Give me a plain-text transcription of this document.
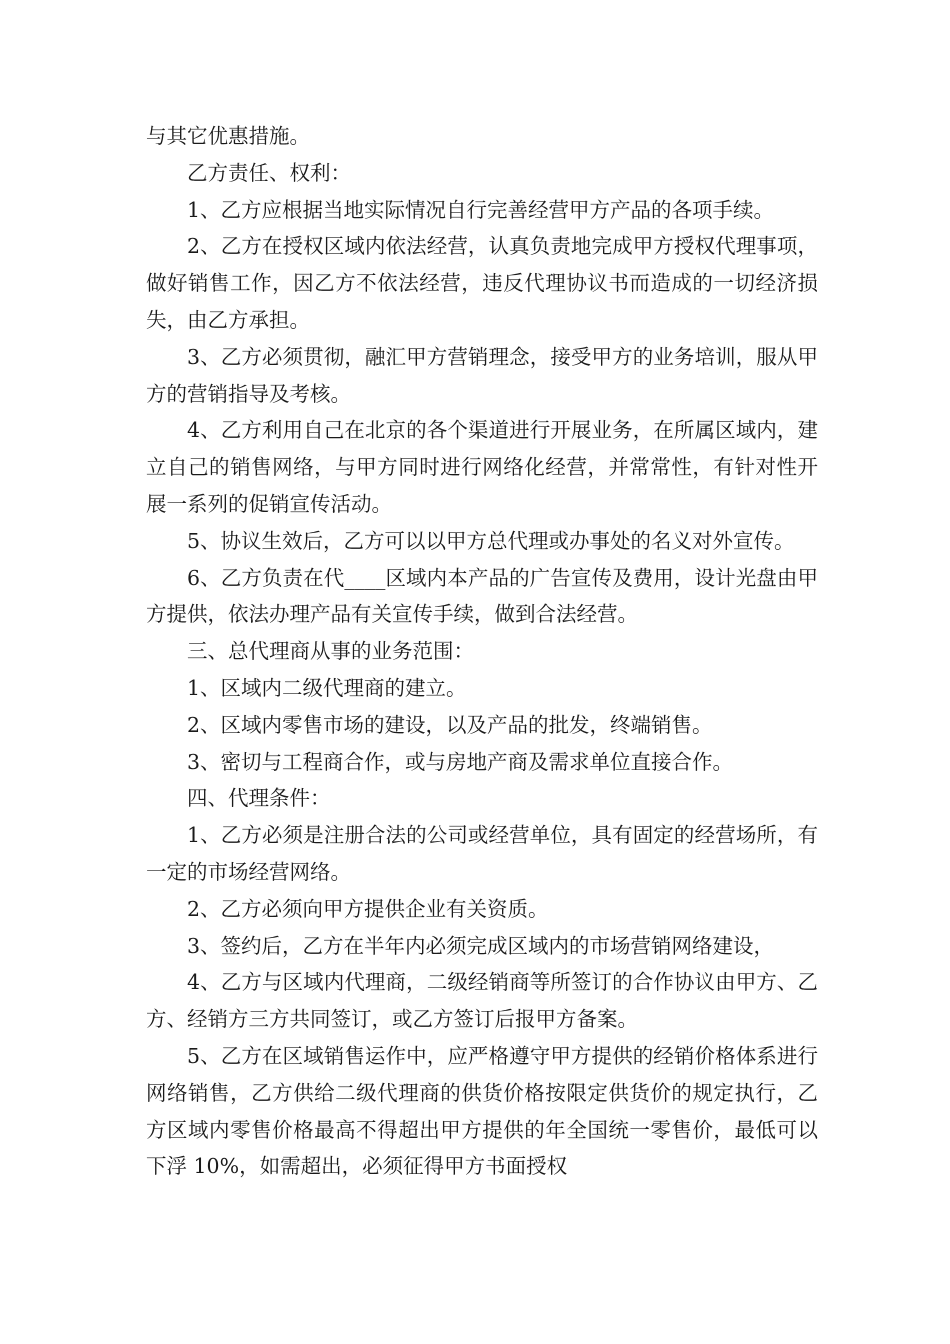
与其它优惠措施。

乙方责任、权利：

1、乙方应根据当地实际情况自行完善经营甲方产品的各项手续。

2、乙方在授权区域内依法经营，认真负责地完成甲方授权代理事项，做好销售工作，因乙方不依法经营，违反代理协议书而造成的一切经济损失，由乙方承担。

3、乙方必须贯彻，融汇甲方营销理念，接受甲方的业务培训，服从甲方的营销指导及考核。

4、乙方利用自己在北京的各个渠道进行开展业务，在所属区域内，建立自己的销售网络，与甲方同时进行网络化经营，并常常性，有针对性开展一系列的促销宣传活动。

5、协议生效后，乙方可以以甲方总代理或办事处的名义对外宣传。

6、乙方负责在代____区域内本产品的广告宣传及费用，设计光盘由甲方提供，依法办理产品有关宣传手续，做到合法经营。

三、总代理商从事的业务范围：

1、区域内二级代理商的建立。

2、区域内零售市场的建设，以及产品的批发，终端销售。

3、密切与工程商合作，或与房地产商及需求单位直接合作。

四、代理条件：

1、乙方必须是注册合法的公司或经营单位，具有固定的经营场所，有一定的市场经营网络。

2、乙方必须向甲方提供企业有关资质。

3、签约后，乙方在半年内必须完成区域内的市场营销网络建设，

4、乙方与区域内代理商，二级经销商等所签订的合作协议由甲方、乙方、经销方三方共同签订，或乙方签订后报甲方备案。

5、乙方在区域销售运作中，应严格遵守甲方提供的经销价格体系进行网络销售，乙方供给二级代理商的供货价格按限定供货价的规定执行，乙方区域内零售价格最高不得超出甲方提供的年全国统一零售价，最低可以下浮 10%，如需超出，必须征得甲方书面授权
